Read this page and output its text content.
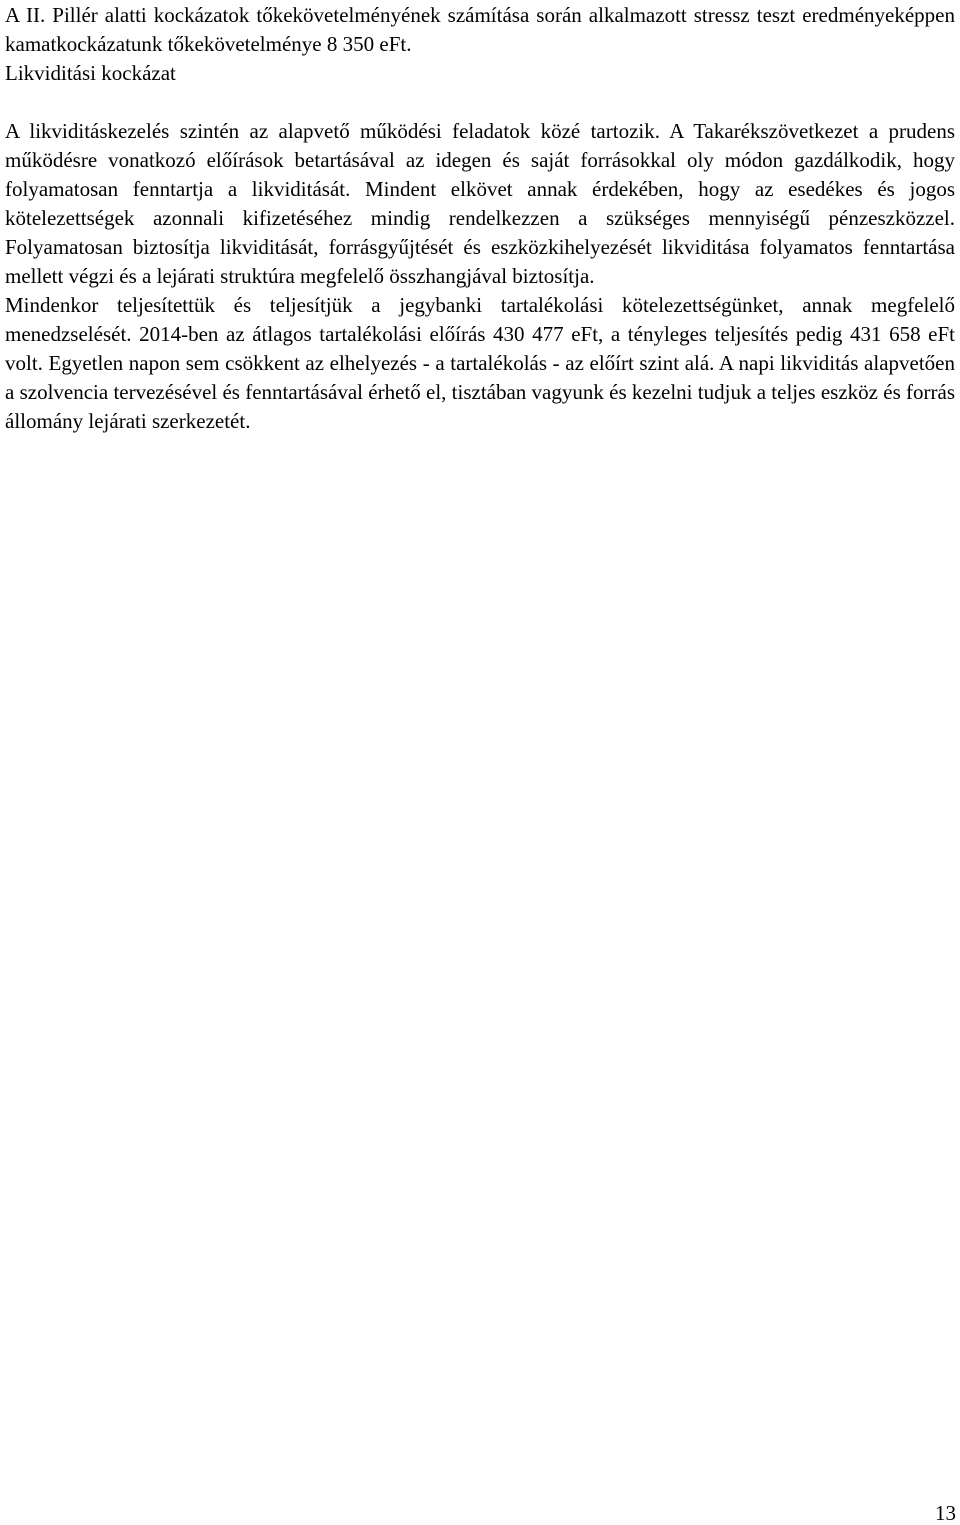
A II. Pillér alatti kockázatok tőkekövetelményének számítása során alkalmazott stressz teszt eredményeképpen kamatkockázatunk tőkekövetelménye 8 350 eFt.

Likviditási kockázat

A likviditáskezelés szintén az alapvető működési feladatok közé tartozik. A Takarékszövetkezet a prudens működésre vonatkozó előírások betartásával az idegen és saját forrásokkal oly módon gazdálkodik, hogy folyamatosan fenntartja a likviditását. Mindent elkövet annak érdekében, hogy az esedékes és jogos kötelezettségek azonnali kifizetéséhez mindig rendelkezzen a szükséges mennyiségű pénzeszközzel. Folyamatosan biztosítja likviditását, forrásgyűjtését és eszközkihelyezését likviditása folyamatos fenntartása mellett végzi és a lejárati struktúra megfelelő összhangjával biztosítja.

Mindenkor teljesítettük és teljesítjük a jegybanki tartalékolási kötelezettségünket, annak megfelelő menedzselését. 2014-ben az átlagos tartalékolási előírás 430 477 eFt, a tényleges teljesítés pedig 431 658 eFt volt. Egyetlen napon sem csökkent az elhelyezés - a tartalékolás - az előírt szint alá. A napi likviditás alapvetően a szolvencia tervezésével és fenntartásával érhető el, tisztában vagyunk és kezelni tudjuk a teljes eszköz és forrás állomány lejárati szerkezetét.

13
